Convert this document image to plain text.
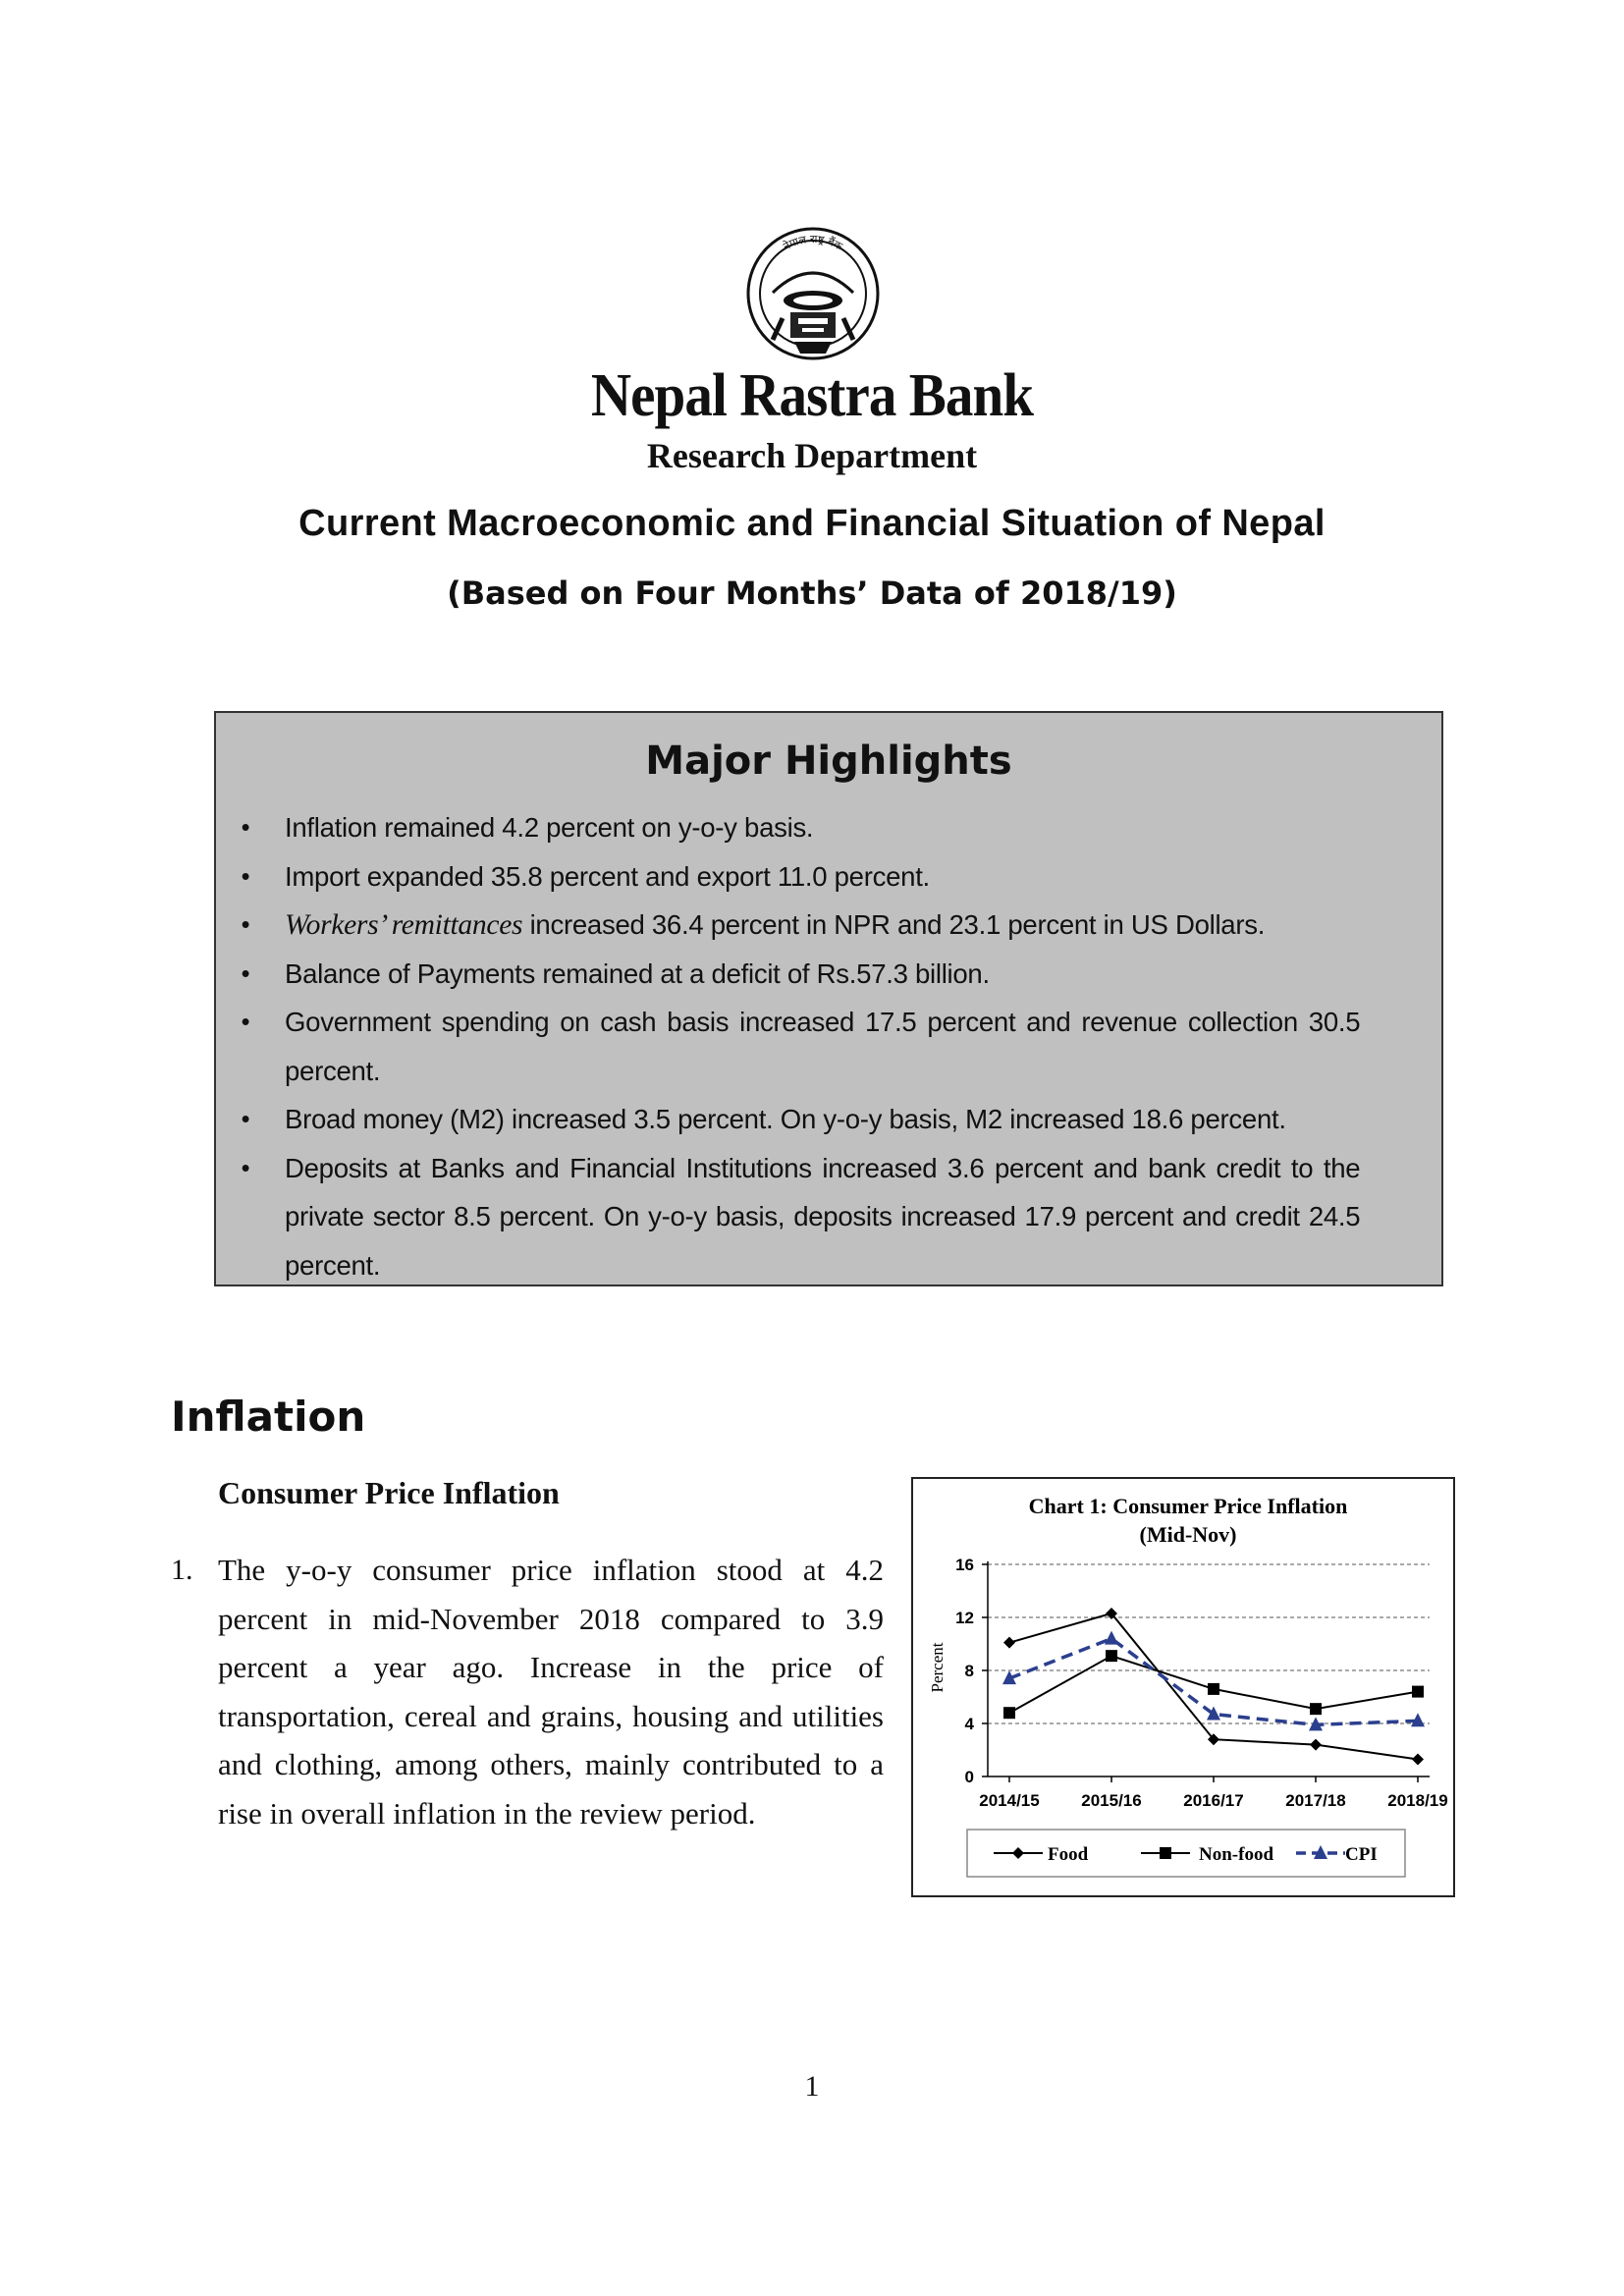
नेपाल राष्ट्र बैंक
Nepal Rastra Bank
Research Department
Current Macroeconomic and Financial Situation of Nepal
(Based on Four Months’ Data of 2018/19)
Major Highlights
• Inflation remained 4.2 percent on y-o-y basis.
• Import expanded 35.8 percent and export 11.0 percent.
• Workers’ remittances increased 36.4 percent in NPR and 23.1 percent in US Dollars.
• Balance of Payments remained at a deficit of Rs.57.3 billion.
• Government spending on cash basis increased 17.5 percent and revenue collection 30.5 percent.
• Broad money (M2) increased 3.5 percent. On y-o-y basis, M2 increased 18.6 percent.
• Deposits at Banks and Financial Institutions increased 3.6 percent and bank credit to the private sector 8.5 percent. On y-o-y basis, deposits increased 17.9 percent and credit 24.5 percent.
Inflation
Consumer Price Inflation
1. The y-o-y consumer price inflation stood at 4.2 percent in mid-November 2018 compared to 3.9 percent a year ago. Increase in the price of transportation, cereal and grains, housing and utilities and clothing, among others, mainly contributed to a rise in overall inflation in the review period.
Chart 1: Consumer Price Inflation
(Mid-Nov)
Percent
0
4
8
12
16
2014/15	2015/16	2016/17	2017/18	2018/19
Food	Non-food	CPI
1
